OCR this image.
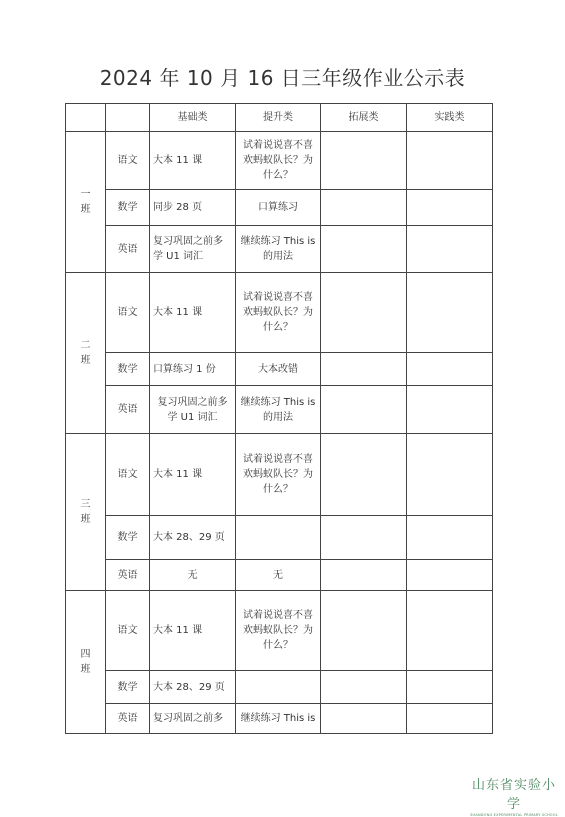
2024 年 10 月 16 日三年级作业公示表
		基础类	提升类	拓展类	实践类

一
班	语文	大本 11 课	试着说说喜不喜欢蚂蚁队长？为什么？		
	数学	同步 28 页	口算练习		
	英语	复习巩固之前多学 U1 词汇	继续练习 This is 的用法		

二
班	语文	大本 11 课	试着说说喜不喜欢蚂蚁队长？为什么？		
	数学	口算练习 1 份	大本改错		
	英语	复习巩固之前多学 U1 词汇	继续练习 This is 的用法		

三
班	语文	大本 11 课	试着说说喜不喜欢蚂蚁队长？为什么？		
	数学	大本 28、29 页			
	英语	无	无		

四
班	语文	大本 11 课	试着说说喜不喜欢蚂蚁队长？为什么？		
	数学	大本 28、29 页			
	英语	复习巩固之前多	继续练习 This is		
山东省实验小学
SHANDONG EXPERIMENTAL PRIMARY SCHOOL
